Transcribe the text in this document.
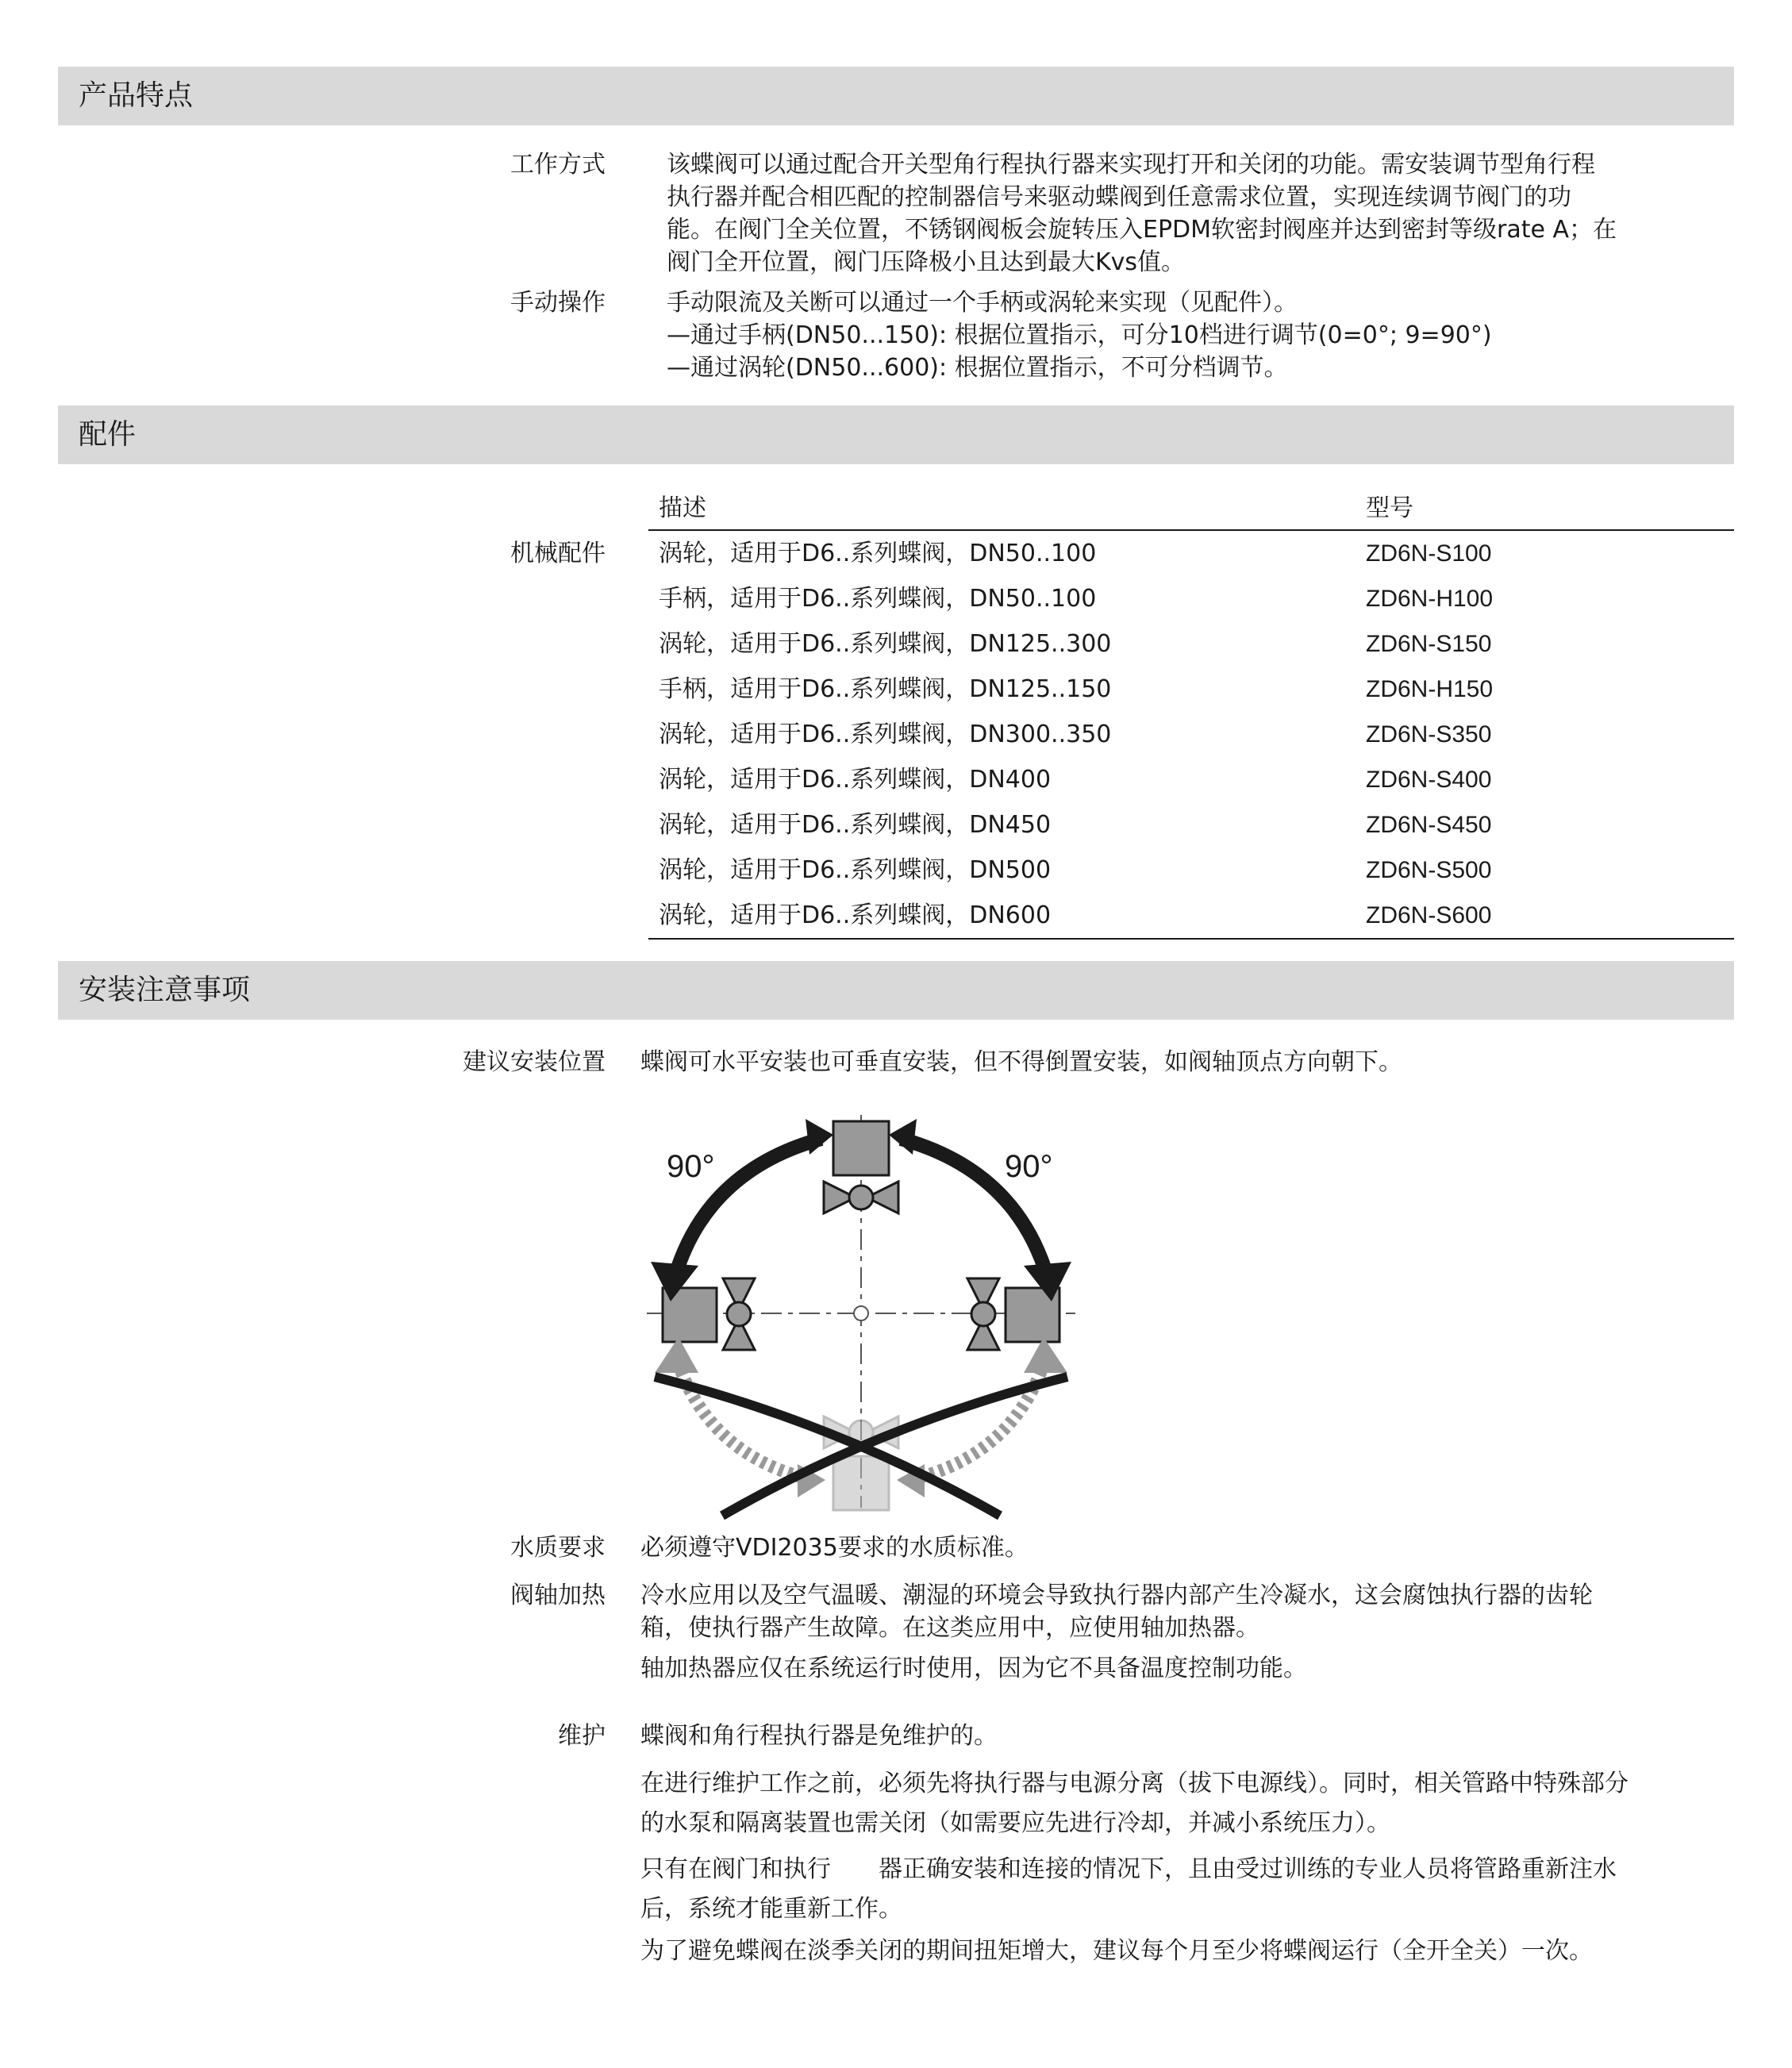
产品特点
工作方式	该蝶阀可以通过配合开关型角行程执行器来实现打开和关闭的功能。需安装调节型角行程
执行器并配合相匹配的控制器信号来驱动蝶阀到任意需求位置，实现连续调节阀门的功
能。在阀门全关位置，不锈钢阀板会旋转压入EPDM软密封阀座并达到密封等级rate A；在
阀门全开位置，阀门压降极小且达到最大Kvs值。
手动操作	手动限流及关断可以通过一个手柄或涡轮来实现（见配件）。
—通过手柄(DN50...150): 根据位置指示，可分10档进行调节(0=0°; 9=90°)
—通过涡轮(DN50...600): 根据位置指示，不可分档调节。
配件
描述	型号
机械配件 涡轮，适用于D6..系列蝶阀，DN50..100	ZD6N-S100
手柄，适用于D6..系列蝶阀，DN50..100	ZD6N-H100
涡轮，适用于D6..系列蝶阀，DN125..300	ZD6N-S150
手柄，适用于D6..系列蝶阀，DN125..150	ZD6N-H150
涡轮，适用于D6..系列蝶阀，DN300..350	ZD6N-S350
涡轮，适用于D6..系列蝶阀，DN400	ZD6N-S400
涡轮，适用于D6..系列蝶阀，DN450	ZD6N-S450
涡轮，适用于D6..系列蝶阀，DN500	ZD6N-S500
涡轮，适用于D6..系列蝶阀，DN600	ZD6N-S600
安装注意事项
建议安装位置 蝶阀可水平安装也可垂直安装，但不得倒置安装，如阀轴顶点方向朝下。
90°	90°
水质要求 必须遵守VDI2035要求的水质标准。
阀轴加热 冷水应用以及空气温暖、潮湿的环境会导致执行器内部产生冷凝水，这会腐蚀执行器的齿轮
箱，使执行器产生故障。在这类应用中，应使用轴加热器。
轴加热器应仅在系统运行时使用，因为它不具备温度控制功能。
维护 蝶阀和角行程执行器是免维护的。
在进行维护工作之前，必须先将执行器与电源分离（拔下电源线）。同时，相关管路中特殊部分
的水泵和隔离装置也需关闭（如需要应先进行冷却，并减小系统压力）。
只有在阀门和执行　　器正确安装和连接的情况下，且由受过训练的专业人员将管路重新注水
后，系统才能重新工作。
为了避免蝶阀在淡季关闭的期间扭矩增大，建议每个月至少将蝶阀运行（全开全关）一次。
